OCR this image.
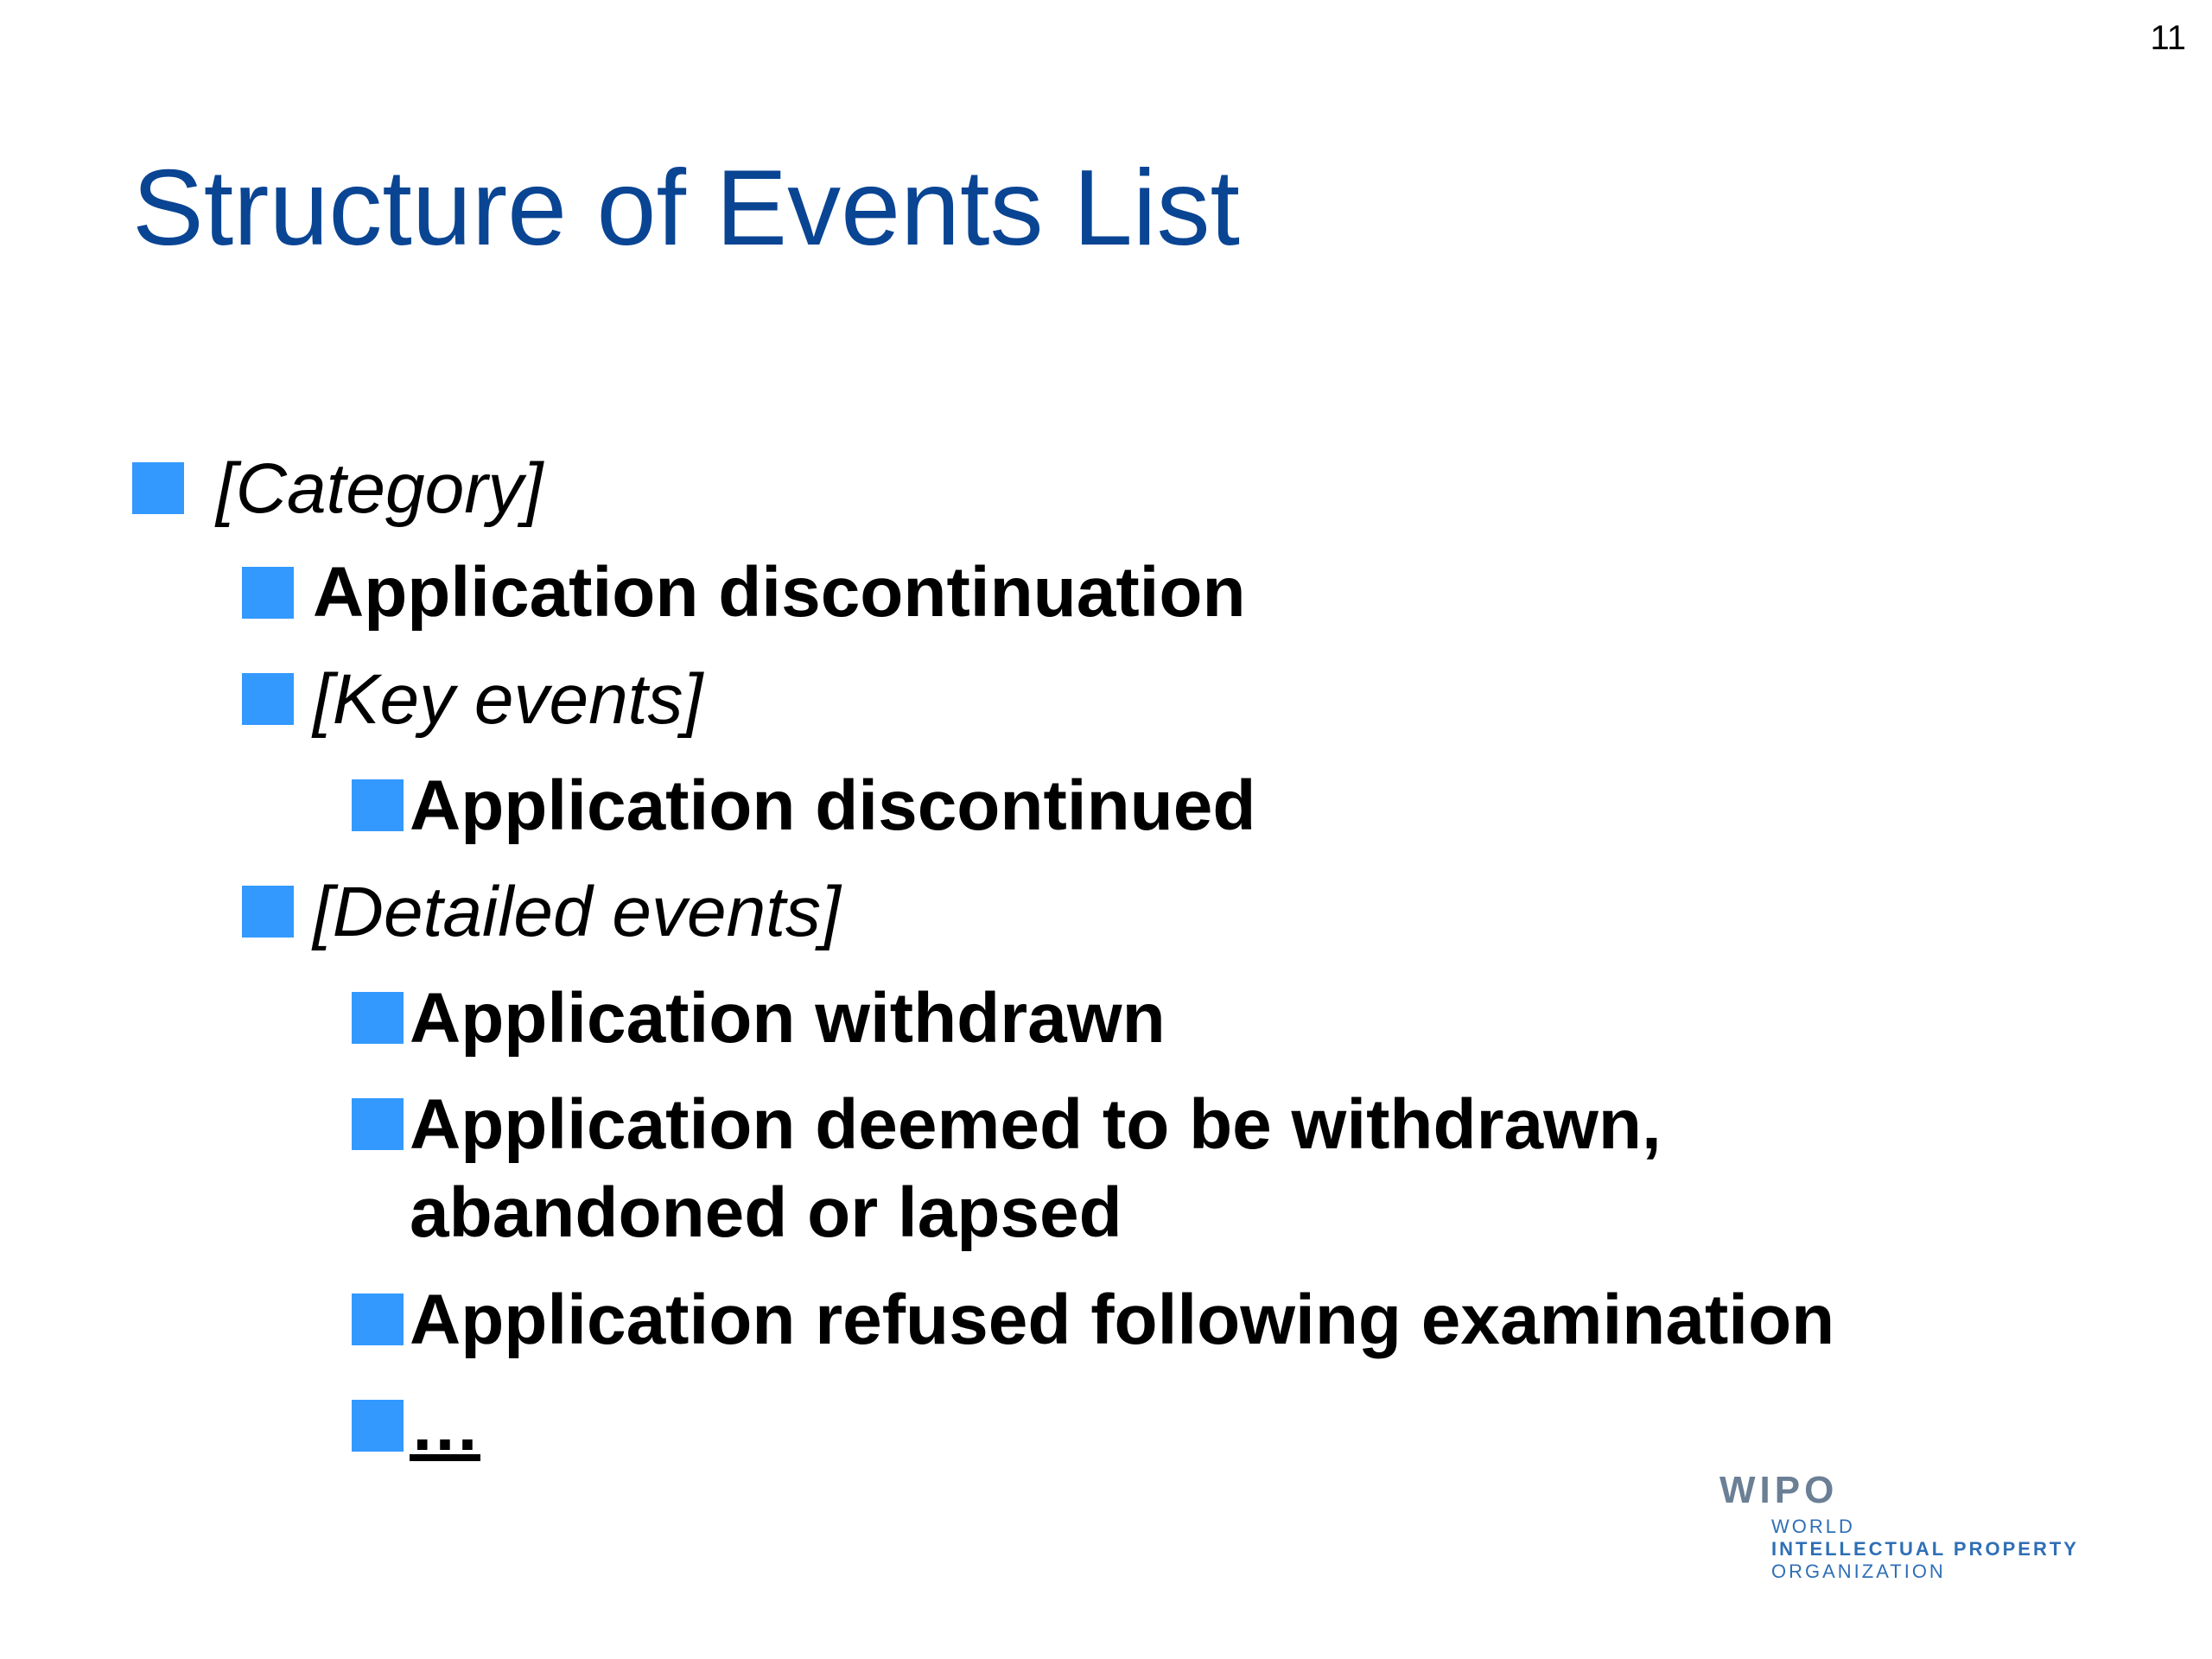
11
Structure of Events List
[Category]
Application discontinuation
[Key events]
Application discontinued
[Detailed events]
Application withdrawn
Application deemed to be withdrawn,
abandoned or lapsed
Application refused following examination
…
WIPO
WORLD
INTELLECTUAL PROPERTY
ORGANIZATION
